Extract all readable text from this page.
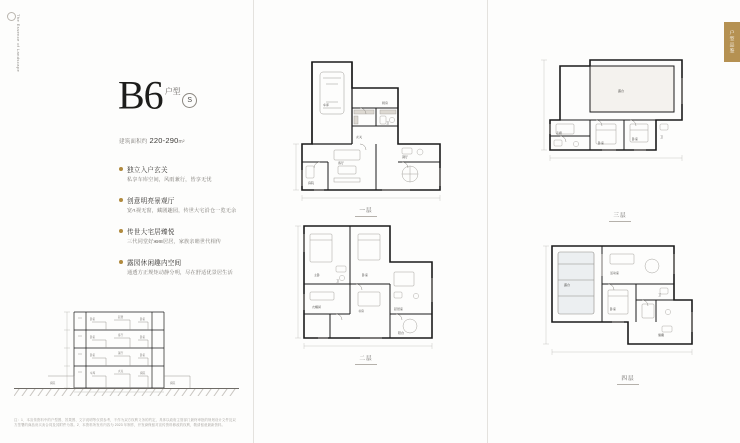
The Essence of Landscape
B6 $^{户型}$S
建筑面积约 220-290m²
独立入户玄关
私享车库空间，风雨兼行，皆享无忧
创意明亮景观厅
宽ત视无窗，藏剧趣园，传世大宅沿仓一览无余
传世大宅居臻悦
三代同堂好жив居居，家族亲睦世代相传
露园休闲趣内空间
通透方正规矩动静分明，尽在舒适优景居生活
卧室
起居
卧室
卧室
客厅
卧室
卧室
餐厅
卧室
车库
玄关
庭院
庭院	庭院
注：1．本宣传资料中的户型图、效果图、文字说明等仅供参考，不作为双方权利义务的约定，具体以政府主管部门最终审批的规划设计文件及双方签署的商品房买卖合同及其附件为准。2．本资料所发布内容为 2023 年制作，开发商保留对宣传资料修改的权利，敬请留意最新资料。
车库
玄关
厨房
卫
客厅
餐厅
庭院
一层
主卧	卧室
卫
衣帽间
书房	起居室
阳台
二层
户型品鉴
露台
走廊
卧室
卧室	卫
三层
露台
活动室
卧室
卫
储藏
四层
